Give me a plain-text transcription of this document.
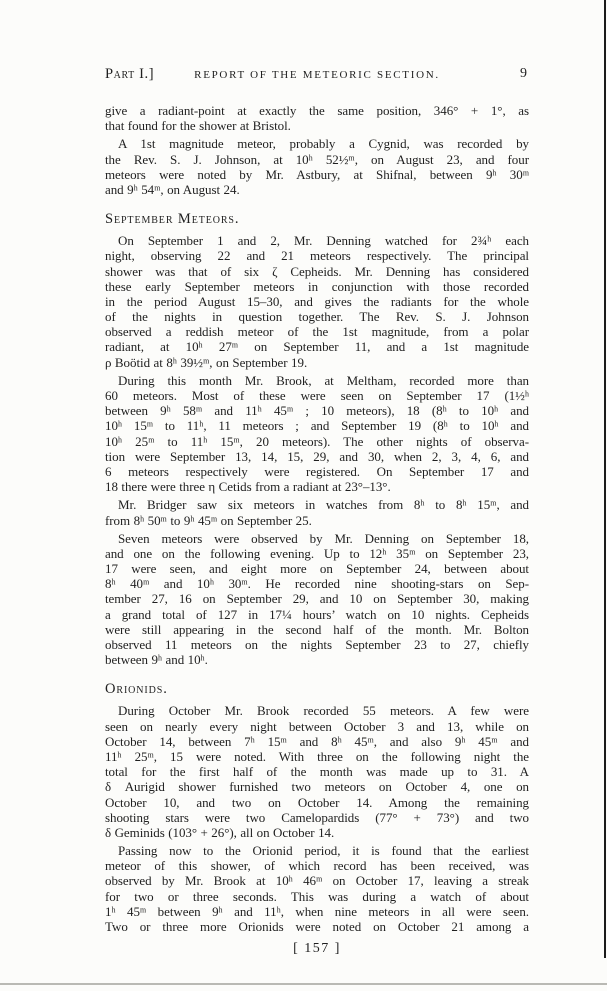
Part I.]	REPORT OF THE METEORIC SECTION.	9
give a radiant-point at exactly the same position, 346° + 1°, as
that found for the shower at Bristol.
A 1st magnitude meteor, probably a Cygnid, was recorded by
the Rev. S. J. Johnson, at 10ʰ 52½ᵐ, on August 23, and four
meteors were noted by Mr. Astbury, at Shifnal, between 9ʰ 30ᵐ
and 9ʰ 54ᵐ, on August 24.
September Meteors.
On September 1 and 2, Mr. Denning watched for 2¾ʰ each
night, observing 22 and 21 meteors respectively. The principal
shower was that of six ζ Cepheids. Mr. Denning has considered
these early September meteors in conjunction with those recorded
in the period August 15–30, and gives the radiants for the whole
of the nights in question together. The Rev. S. J. Johnson
observed a reddish meteor of the 1st magnitude, from a polar
radiant, at 10ʰ 27ᵐ on September 11, and a 1st magnitude
ρ Boötid at 8ʰ 39½ᵐ, on September 19.
During this month Mr. Brook, at Meltham, recorded more than
60 meteors. Most of these were seen on September 17 (1½ʰ
between 9ʰ 58ᵐ and 11ʰ 45ᵐ ; 10 meteors), 18 (8ʰ to 10ʰ and
10ʰ 15ᵐ to 11ʰ, 11 meteors ; and September 19 (8ʰ to 10ʰ and
10ʰ 25ᵐ to 11ʰ 15ᵐ, 20 meteors). The other nights of observa-
tion were September 13, 14, 15, 29, and 30, when 2, 3, 4, 6, and
6 meteors respectively were registered. On September 17 and
18 there were three η Cetids from a radiant at 23°–13°.
Mr. Bridger saw six meteors in watches from 8ʰ to 8ʰ 15ᵐ, and
from 8ʰ 50ᵐ to 9ʰ 45ᵐ on September 25.
Seven meteors were observed by Mr. Denning on September 18,
and one on the following evening. Up to 12ʰ 35ᵐ on September 23,
17 were seen, and eight more on September 24, between about
8ʰ 40ᵐ and 10ʰ 30ᵐ. He recorded nine shooting-stars on Sep-
tember 27, 16 on September 29, and 10 on September 30, making
a grand total of 127 in 17¼ hours’ watch on 10 nights. Cepheids
were still appearing in the second half of the month. Mr. Bolton
observed 11 meteors on the nights September 23 to 27, chiefly
between 9ʰ and 10ʰ.
Orionids.
During October Mr. Brook recorded 55 meteors. A few were
seen on nearly every night between October 3 and 13, while on
October 14, between 7ʰ 15ᵐ and 8ʰ 45ᵐ, and also 9ʰ 45ᵐ and
11ʰ 25ᵐ, 15 were noted. With three on the following night the
total for the first half of the month was made up to 31. A
δ Aurigid shower furnished two meteors on October 4, one on
October 10, and two on October 14. Among the remaining
shooting stars were two Camelopardids (77° + 73°) and two
δ Geminids (103° + 26°), all on October 14.
Passing now to the Orionid period, it is found that the earliest
meteor of this shower, of which record has been received, was
observed by Mr. Brook at 10ʰ 46ᵐ on October 17, leaving a streak
for two or three seconds. This was during a watch of about
1ʰ 45ᵐ between 9ʰ and 11ʰ, when nine meteors in all were seen.
Two or three more Orionids were noted on October 21 among a
[ 157 ]
